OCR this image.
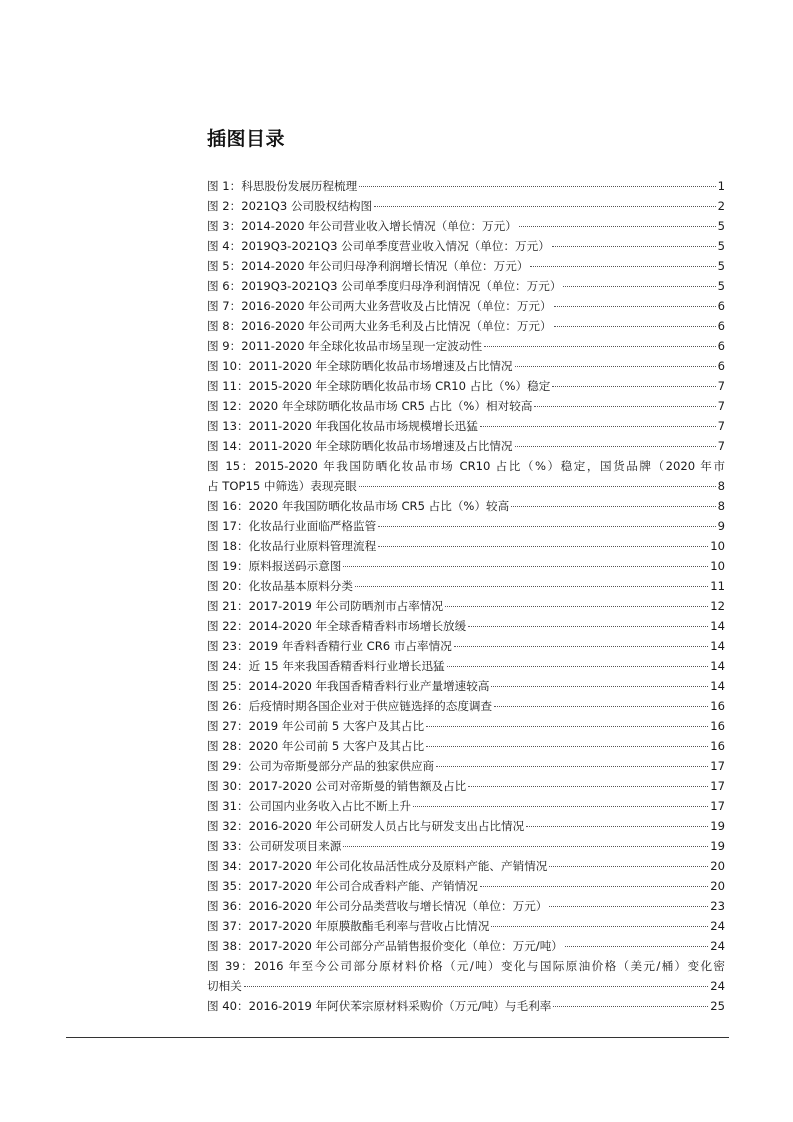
插图目录
图 1：科思股份发展历程梳理	1
图 2：2021Q3 公司股权结构图	2
图 3：2014-2020 年公司营业收入增长情况（单位：万元）	5
图 4：2019Q3-2021Q3 公司单季度营业收入情况（单位：万元）	5
图 5：2014-2020 年公司归母净利润增长情况（单位：万元）	5
图 6：2019Q3-2021Q3 公司单季度归母净利润情况（单位：万元）	5
图 7：2016-2020 年公司两大业务营收及占比情况（单位：万元）	6
图 8：2016-2020 年公司两大业务毛利及占比情况（单位：万元）	6
图 9：2011-2020 年全球化妆品市场呈现一定波动性	6
图 10：2011-2020 年全球防晒化妆品市场增速及占比情况	6
图 11：2015-2020 年全球防晒化妆品市场 CR10 占比（%）稳定	7
图 12：2020 年全球防晒化妆品市场 CR5 占比（%）相对较高	7
图 13：2011-2020 年我国化妆品市场规模增长迅猛	7
图 14：2011-2020 年全球防晒化妆品市场增速及占比情况	7
图 15：2015-2020 年我国防晒化妆品市场 CR10 占比（%）稳定，国货品牌（2020 年市
占 TOP15 中筛选）表现亮眼	8
图 16：2020 年我国防晒化妆品市场 CR5 占比（%）较高	8
图 17：化妆品行业面临严格监管	9
图 18：化妆品行业原料管理流程	10
图 19：原料报送码示意图	10
图 20：化妆品基本原料分类	11
图 21：2017-2019 年公司防晒剂市占率情况	12
图 22：2014-2020 年全球香精香料市场增长放缓	14
图 23：2019 年香料香精行业 CR6 市占率情况	14
图 24：近 15 年来我国香精香料行业增长迅猛	14
图 25：2014-2020 年我国香精香料行业产量增速较高	14
图 26：后疫情时期各国企业对于供应链选择的态度调查	16
图 27：2019 年公司前 5 大客户及其占比	16
图 28：2020 年公司前 5 大客户及其占比	16
图 29：公司为帝斯曼部分产品的独家供应商	17
图 30：2017-2020 公司对帝斯曼的销售额及占比	17
图 31：公司国内业务收入占比不断上升	17
图 32：2016-2020 年公司研发人员占比与研发支出占比情况	19
图 33：公司研发项目来源	19
图 34：2017-2020 年公司化妆品活性成分及原料产能、产销情况	20
图 35：2017-2020 年公司合成香料产能、产销情况	20
图 36：2016-2020 年公司分品类营收与增长情况（单位：万元）	23
图 37：2017-2020 年原膜散酯毛利率与营收占比情况	24
图 38：2017-2020 年公司部分产品销售报价变化（单位：万元/吨）	24
图 39：2016 年至今公司部分原材料价格（元/吨）变化与国际原油价格（美元/桶）变化密
切相关	24
图 40：2016-2019 年阿伏苯宗原材料采购价（万元/吨）与毛利率	25
